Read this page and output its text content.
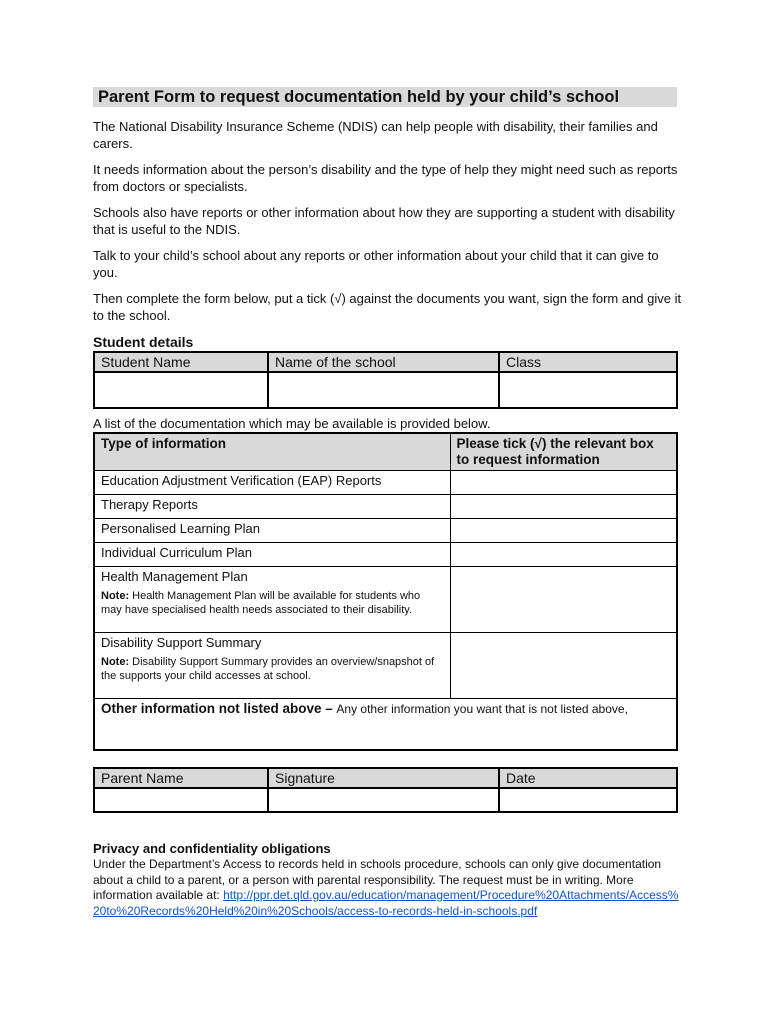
Parent Form to request documentation held by your child’s school
The National Disability Insurance Scheme (NDIS) can help people with disability, their families and carers.
It needs information about the person’s disability and the type of help they might need such as reports from doctors or specialists.
Schools also have reports or other information about how they are supporting a student with disability that is useful to the NDIS.
Talk to your child’s school about any reports or other information about your child that it can give to you.
Then complete the form below, put a tick (√) against the documents you want, sign the form and give it to the school.
Student details
Student Name	Name of the school	Class

A list of the documentation which may be available is provided below.
Type of information	Please tick (√) the relevant box to request information
Education Adjustment Verification (EAP) Reports	
Therapy Reports	
Personalised Learning Plan	
Individual Curriculum Plan	

Health Management Plan
Note: Health Management Plan will be available for students who may have specialised health needs associated to their disability.	

Disability Support Summary
Note: Disability Support Summary provides an overview/snapshot of the supports your child accesses at school.	

Other information not listed above – Any other information you want that is not listed above,	
Parent Name	Signature	Date

Privacy and confidentiality obligations
Under the Department’s Access to records held in schools procedure, schools can only give documentation about a child to a parent, or a person with parental responsibility. The request must be in writing. More information available at: http://ppr.det.qld.gov.au/education/management/Procedure%20Attachments/Access%20to%20Records%20Held%20in%20Schools/access-to-records-held-in-schools.pdf
